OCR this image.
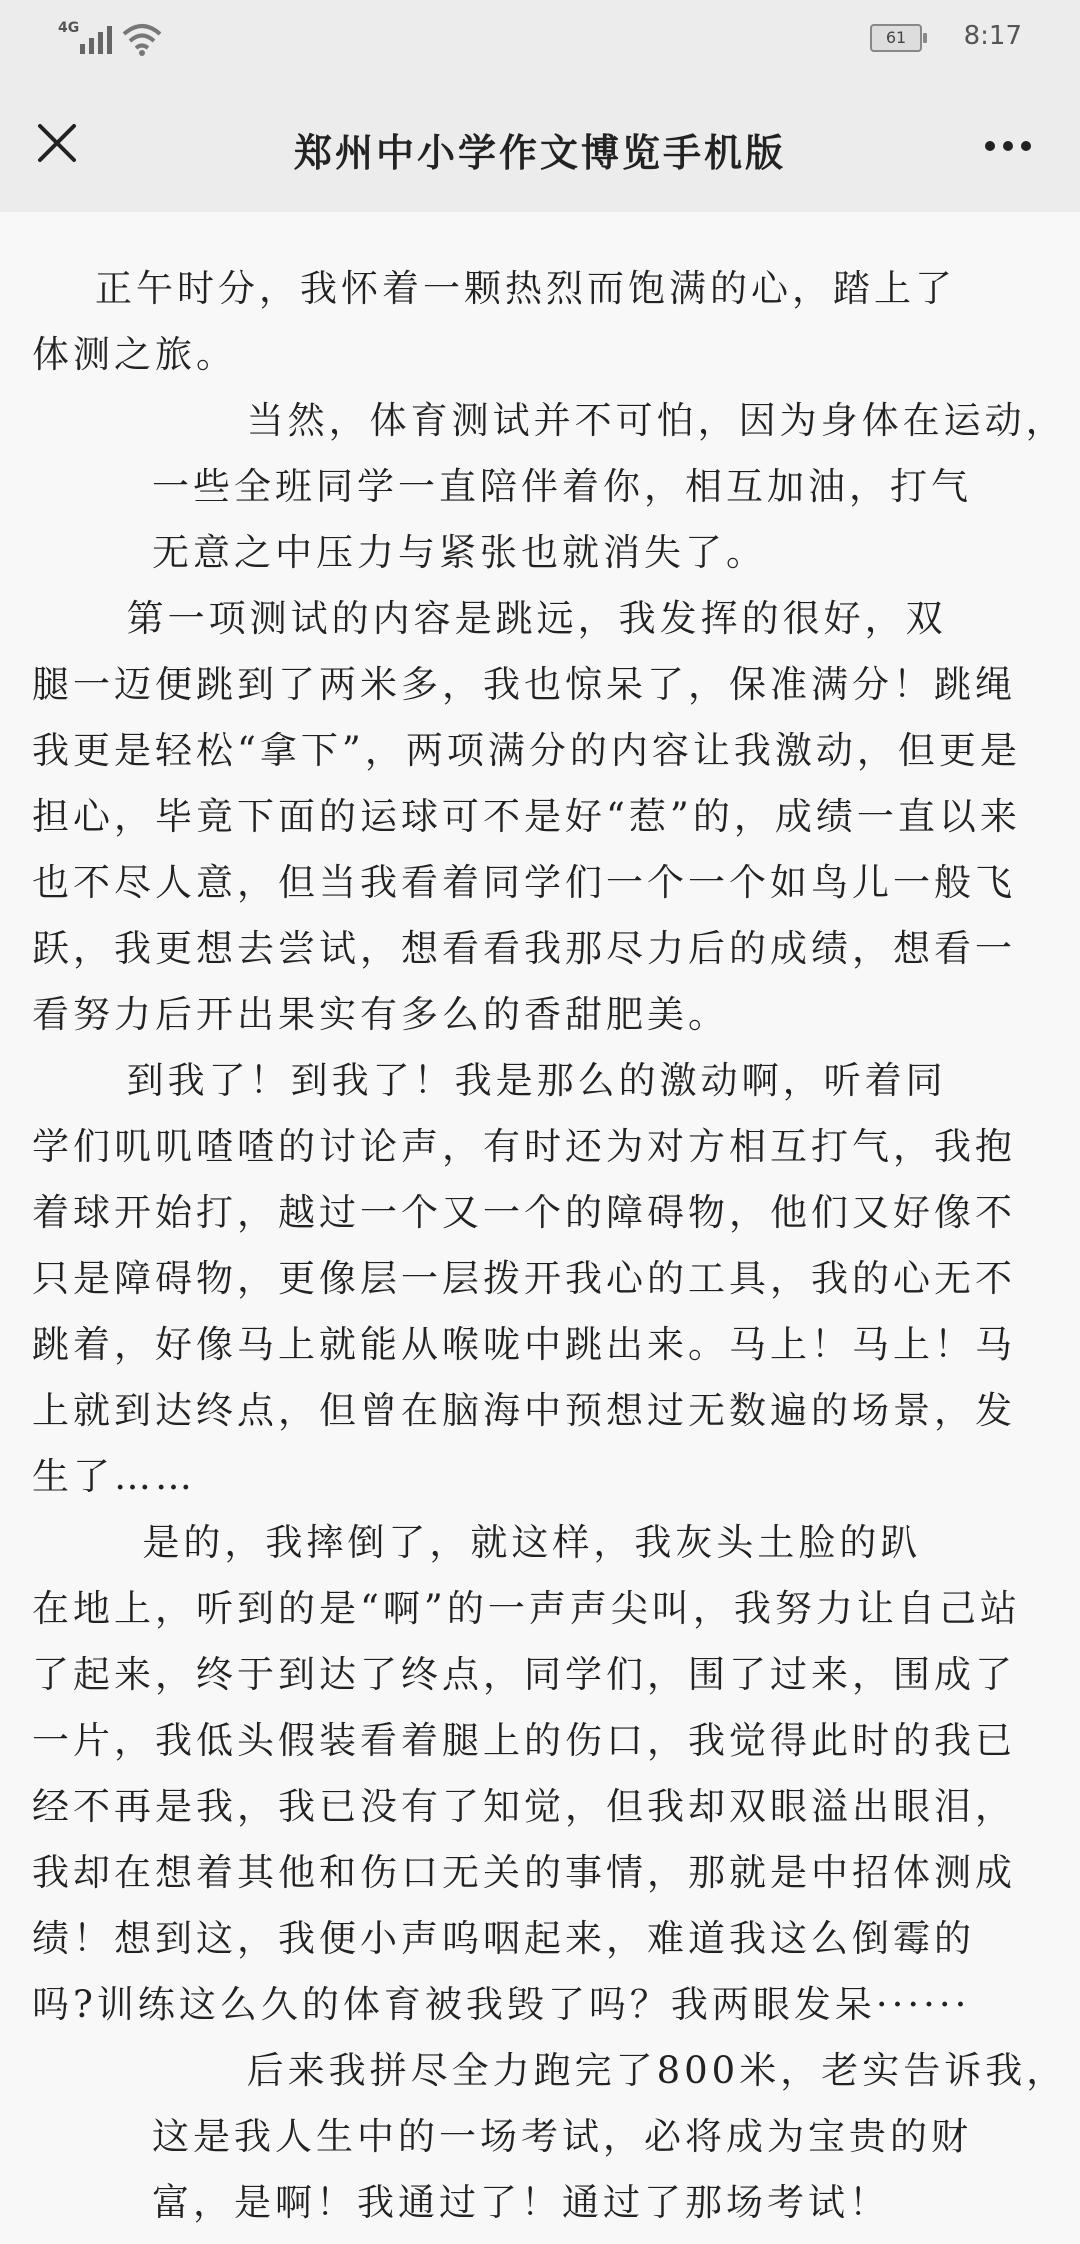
4G	61	8:17
郑州中小学作文博览手机版

正午时分，我怀着一颗热烈而饱满的心，踏上了
体测之旅。

当然，体育测试并不可怕，因为身体在运动，
一些全班同学一直陪伴着你，相互加油，打气
无意之中压力与紧张也就消失了。

第一项测试的内容是跳远，我发挥的很好，双
腿一迈便跳到了两米多，我也惊呆了，保准满分！跳绳
我更是轻松“拿下”，两项满分的内容让我激动，但更是
担心，毕竟下面的运球可不是好“惹”的，成绩一直以来
也不尽人意，但当我看着同学们一个一个如鸟儿一般飞
跃，我更想去尝试，想看看我那尽力后的成绩，想看一
看努力后开出果实有多么的香甜肥美。

到我了！到我了！我是那么的激动啊，听着同
学们叽叽喳喳的讨论声，有时还为对方相互打气，我抱
着球开始打，越过一个又一个的障碍物，他们又好像不
只是障碍物，更像层一层拨开我心的工具，我的心无不
跳着，好像马上就能从喉咙中跳出来。马上！马上！马
上就到达终点，但曾在脑海中预想过无数遍的场景，发
生了……

是的，我摔倒了，就这样，我灰头土脸的趴
在地上，听到的是“啊”的一声声尖叫，我努力让自己站
了起来，终于到达了终点，同学们，围了过来，围成了
一片，我低头假装看着腿上的伤口，我觉得此时的我已
经不再是我，我已没有了知觉，但我却双眼溢出眼泪，
我却在想着其他和伤口无关的事情，那就是中招体测成
绩！想到这，我便小声呜咽起来，难道我这么倒霉的
吗?训练这么久的体育被我毁了吗？我两眼发呆······

后来我拼尽全力跑完了800米，老实告诉我，
这是我人生中的一场考试，必将成为宝贵的财
富，是啊！我通过了！通过了那场考试！
